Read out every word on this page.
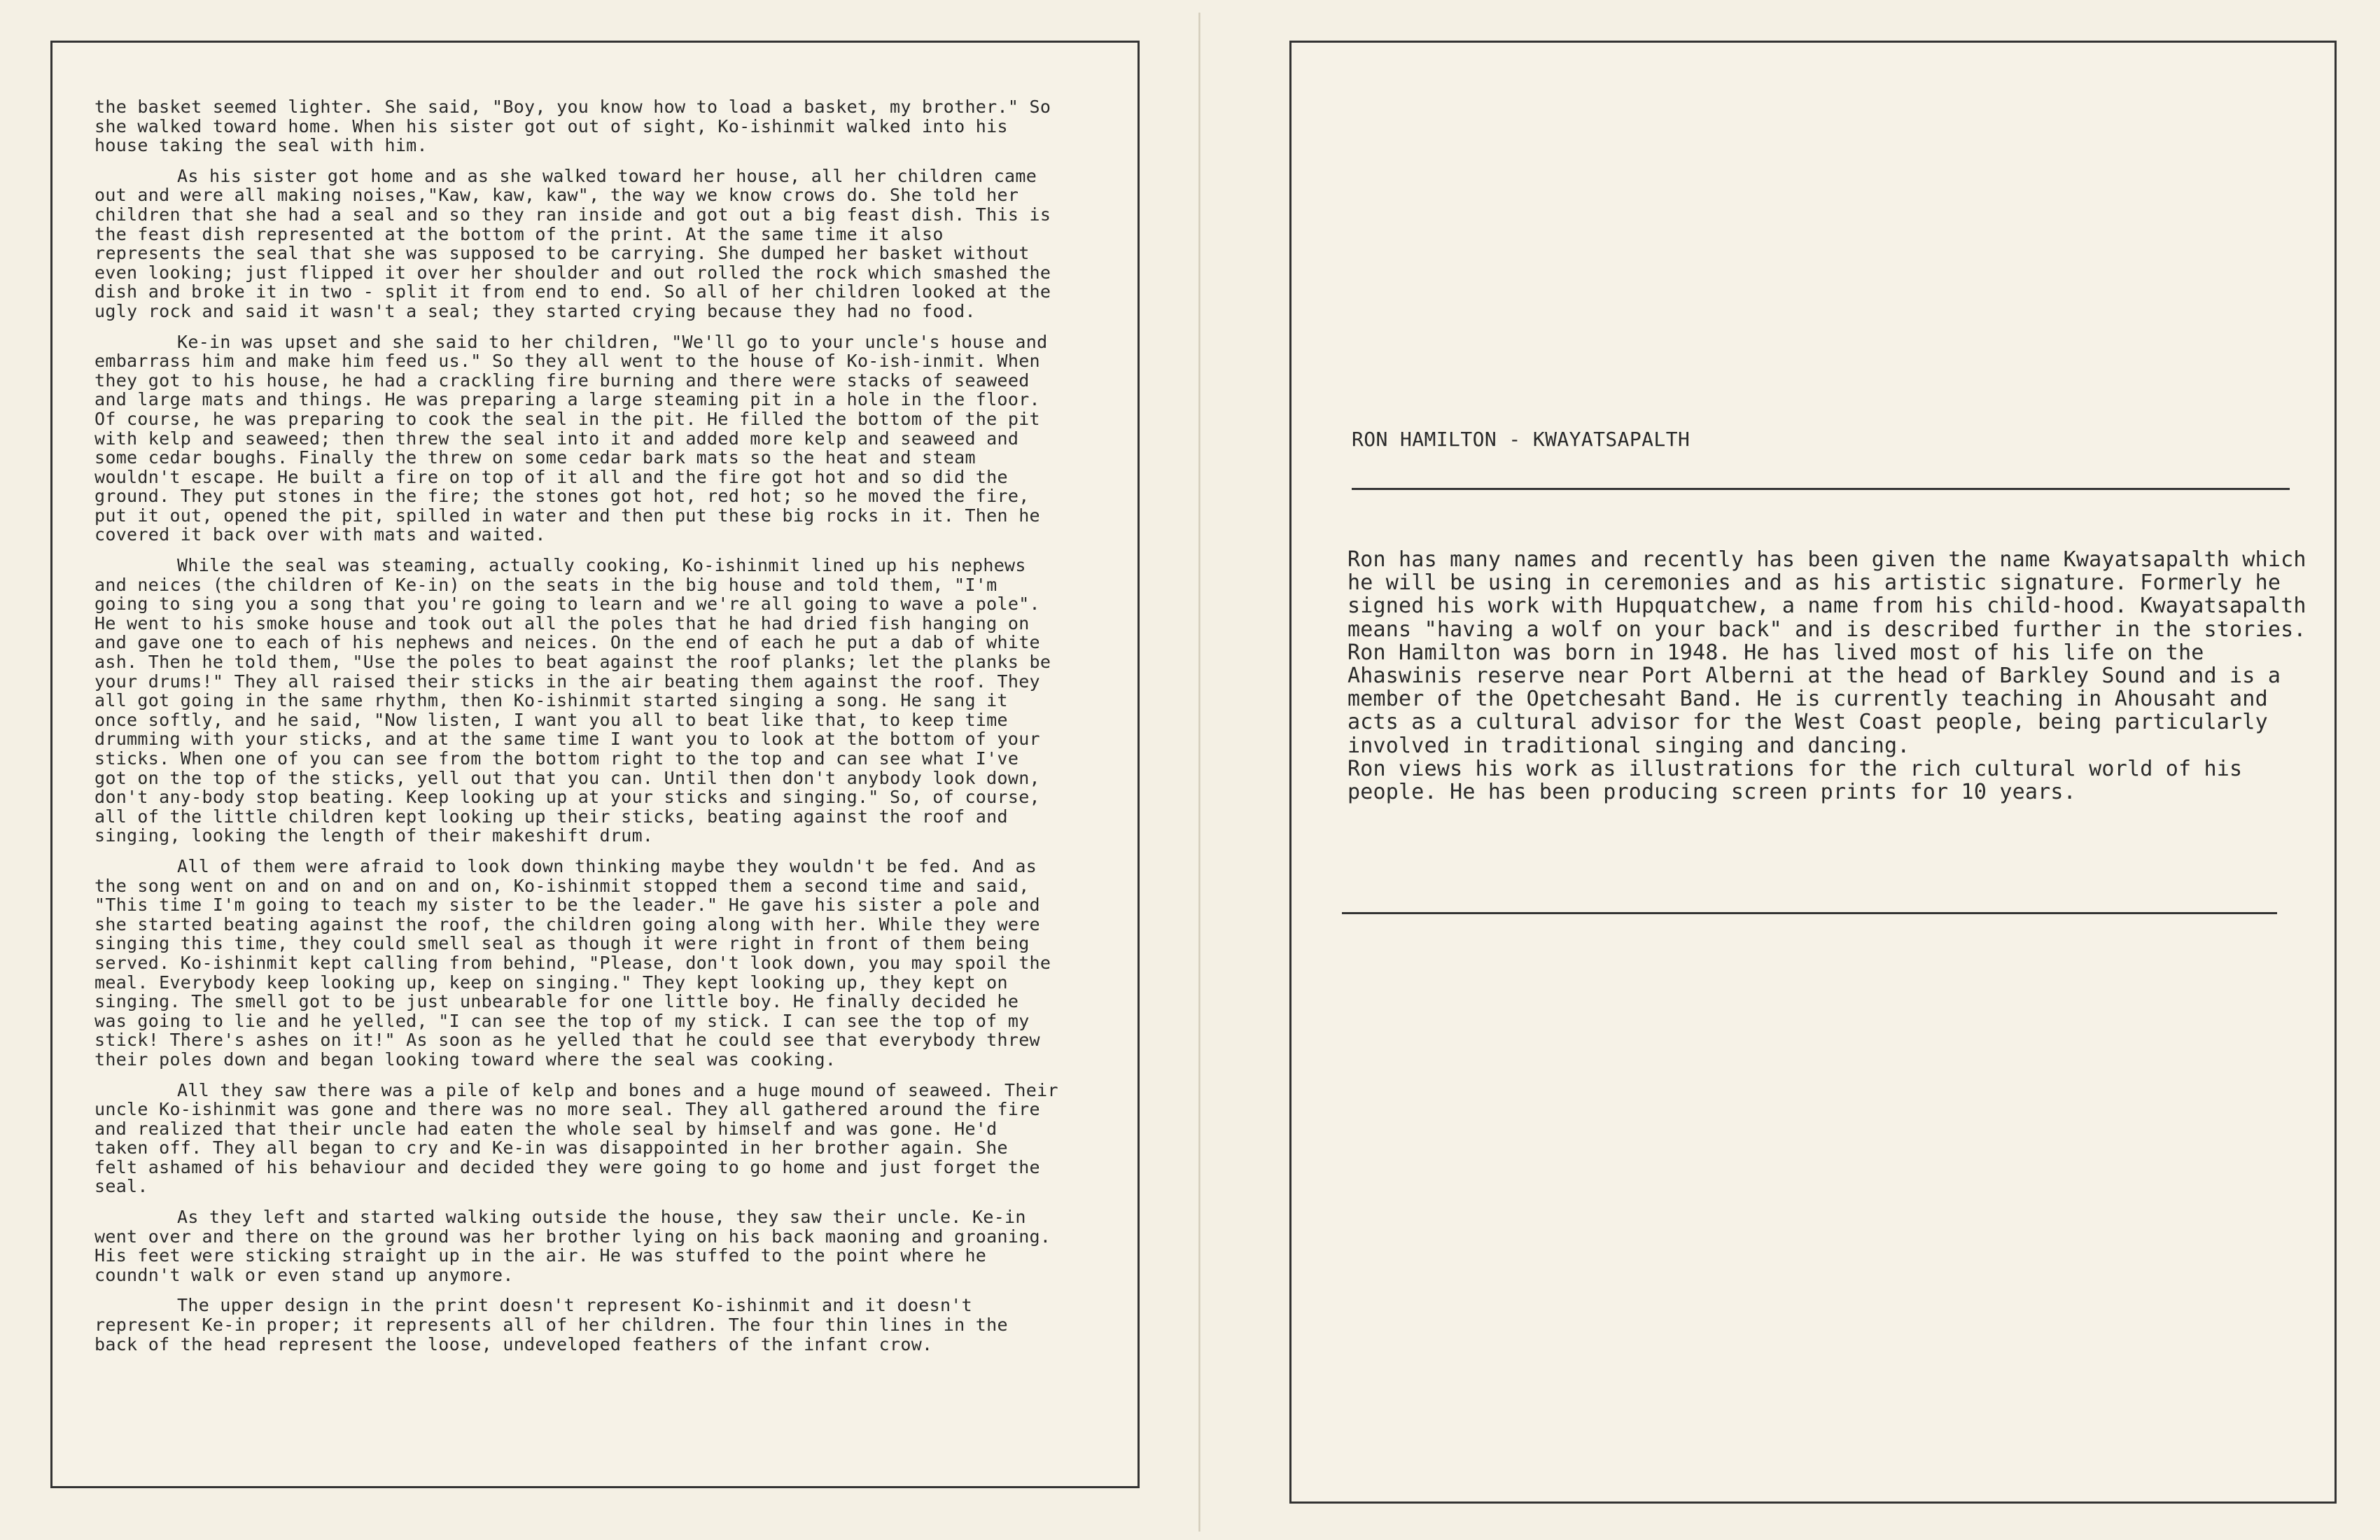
the basket seemed lighter. She said, "Boy, you know how to load a basket, my brother." So she walked toward home. When his sister got out of sight, Ko-ishinmit walked into his house taking the seal with him.

As his sister got home and as she walked toward her house, all her children came out and were all making noises,"Kaw, kaw, kaw", the way we know crows do. She told her children that she had a seal and so they ran inside and got out a big feast dish. This is the feast dish represented at the bottom of the print. At the same time it also represents the seal that she was supposed to be carrying. She dumped her basket without even looking; just flipped it over her shoulder and out rolled the rock which smashed the dish and broke it in two - split it from end to end. So all of her children looked at the ugly rock and said it wasn't a seal; they started crying because they had no food.

Ke-in was upset and she said to her children, "We'll go to your uncle's house and embarrass him and make him feed us." So they all went to the house of Ko-ish-inmit. When they got to his house, he had a crackling fire burning and there were stacks of seaweed and large mats and things. He was preparing a large steaming pit in a hole in the floor. Of course, he was preparing to cook the seal in the pit. He filled the bottom of the pit with kelp and seaweed; then threw the seal into it and added more kelp and seaweed and some cedar boughs. Finally the threw on some cedar bark mats so the heat and steam wouldn't escape. He built a fire on top of it all and the fire got hot and so did the ground. They put stones in the fire; the stones got hot, red hot; so he moved the fire, put it out, opened the pit, spilled in water and then put these big rocks in it. Then he covered it back over with mats and waited.

While the seal was steaming, actually cooking, Ko-ishinmit lined up his nephews and neices (the children of Ke-in) on the seats in the big house and told them, "I'm going to sing you a song that you're going to learn and we're all going to wave a pole". He went to his smoke house and took out all the poles that he had dried fish hanging on and gave one to each of his nephews and neices. On the end of each he put a dab of white ash. Then he told them, "Use the poles to beat against the roof planks; let the planks be your drums!" They all raised their sticks in the air beating them against the roof. They all got going in the same rhythm, then Ko-ishinmit started singing a song. He sang it once softly, and he said, "Now listen, I want you all to beat like that, to keep time drumming with your sticks, and at the same time I want you to look at the bottom of your sticks. When one of you can see from the bottom right to the top and can see what I've got on the top of the sticks, yell out that you can. Until then don't anybody look down, don't any-body stop beating. Keep looking up at your sticks and singing." So, of course, all of the little children kept looking up their sticks, beating against the roof and singing, looking the length of their makeshift drum.

All of them were afraid to look down thinking maybe they wouldn't be fed. And as the song went on and on and on and on, Ko-ishinmit stopped them a second time and said, "This time I'm going to teach my sister to be the leader." He gave his sister a pole and she started beating against the roof, the children going along with her. While they were singing this time, they could smell seal as though it were right in front of them being served. Ko-ishinmit kept calling from behind, "Please, don't look down, you may spoil the meal. Everybody keep looking up, keep on singing." They kept looking up, they kept on singing. The smell got to be just unbearable for one little boy. He finally decided he was going to lie and he yelled, "I can see the top of my stick. I can see the top of my stick! There's ashes on it!" As soon as he yelled that he could see that everybody threw their poles down and began looking toward where the seal was cooking.

All they saw there was a pile of kelp and bones and a huge mound of seaweed. Their uncle Ko-ishinmit was gone and there was no more seal. They all gathered around the fire and realized that their uncle had eaten the whole seal by himself and was gone. He'd taken off. They all began to cry and Ke-in was disappointed in her brother again. She felt ashamed of his behaviour and decided they were going to go home and just forget the seal.

As they left and started walking outside the house, they saw their uncle. Ke-in went over and there on the ground was her brother lying on his back maoning and groaning. His feet were sticking straight up in the air. He was stuffed to the point where he coundn't walk or even stand up anymore.

The upper design in the print doesn't represent Ko-ishinmit and it doesn't represent Ke-in proper; it represents all of her children. The four thin lines in the back of the head represent the loose, undeveloped feathers of the infant crow.

RON HAMILTON - KWAYATSAPALTH

Ron has many names and recently has been given the name Kwayatsapalth which he will be using in ceremonies and as his artistic signature. Formerly he signed his work with Hupquatchew, a name from his child-hood. Kwayatsapalth means "having a wolf on your back" and is described further in the stories.

Ron Hamilton was born in 1948. He has lived most of his life on the Ahaswinis reserve near Port Alberni at the head of Barkley Sound and is a member of the Opetchesaht Band. He is currently teaching in Ahousaht and acts as a cultural advisor for the West Coast people, being particularly involved in traditional singing and dancing.

Ron views his work as illustrations for the rich cultural world of his people. He has been producing screen prints for 10 years.
